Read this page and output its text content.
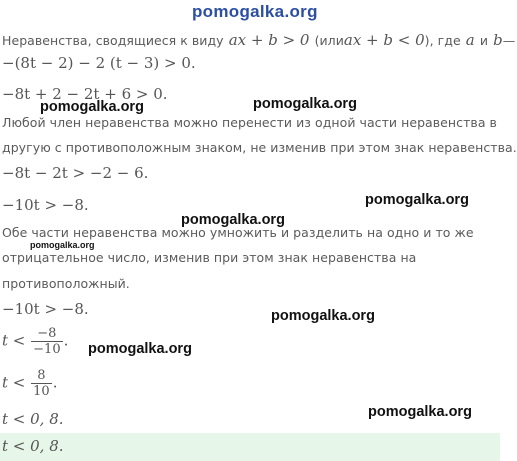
pomogalka.org
Неравенства, сводящиеся к виду ax + b > 0 (илиax + b < 0), где a и b—
−(8t − 2) − 2 (t − 3) > 0.
−8t + 2 − 2t + 6 > 0.
Любой член неравенства можно перенести из одной части неравенства в
другую с противоположным знаком, не изменив при этом знак неравенства.
−8t − 2t > −2 − 6.
−10t > −8.
Обе части неравенства можно умножить и разделить на одно и то же
отрицательное число, изменив при этом знак неравенства на
противоположный.
−10t > −8.
$t < \frac{-8}{-10}$ .
$t < \frac{8}{10}$ .
t < 0, 8.
t < 0, 8.
pomogalka.org	pomogalka.org
pomogalka.org
pomogalka.org
pomogalka.org
pomogalka.org
pomogalka.org
pomogalka.org
